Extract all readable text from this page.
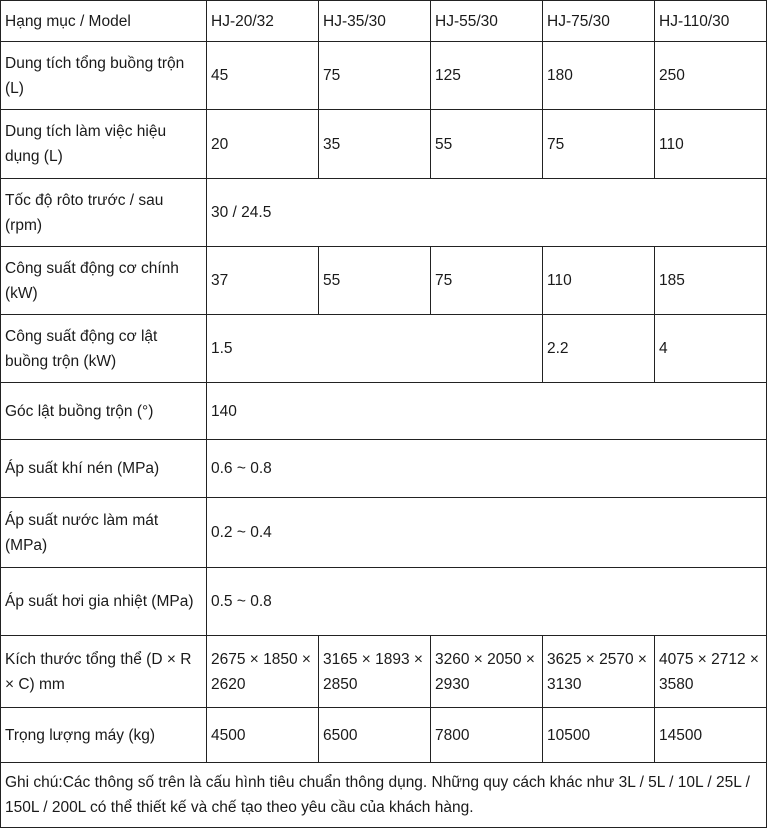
Hạng mục / Model	HJ-20/32	HJ-35/30	HJ-55/30	HJ-75/30	HJ-110/30
Dung tích tổng buồng trộn (L)	45	75	125	180	250
Dung tích làm việc hiệu dụng (L)	20	35	55	75	110
Tốc độ rôto trước / sau (rpm)	30 / 24.5				
Công suất động cơ chính (kW)	37	55	75	110	185
Công suất động cơ lật buồng trộn (kW)	1.5			2.2	4
Góc lật buồng trộn (°)	140				
Áp suất khí nén (MPa)	0.6 ~ 0.8				
Áp suất nước làm mát (MPa)	0.2 ~ 0.4				
Áp suất hơi gia nhiệt (MPa)	0.5 ~ 0.8				
Kích thước tổng thể (D × R × C) mm	2675 × 1850 × 2620	3165 × 1893 × 2850	3260 × 2050 × 2930	3625 × 2570 × 3130	4075 × 2712 × 3580
Trọng lượng máy (kg)	4500	6500	7800	10500	14500
Ghi chú:Các thông số trên là cấu hình tiêu chuẩn thông dụng. Những quy cách khác như 3L / 5L / 10L / 25L / 150L / 200L có thể thiết kế và chế tạo theo yêu cầu của khách hàng.					
